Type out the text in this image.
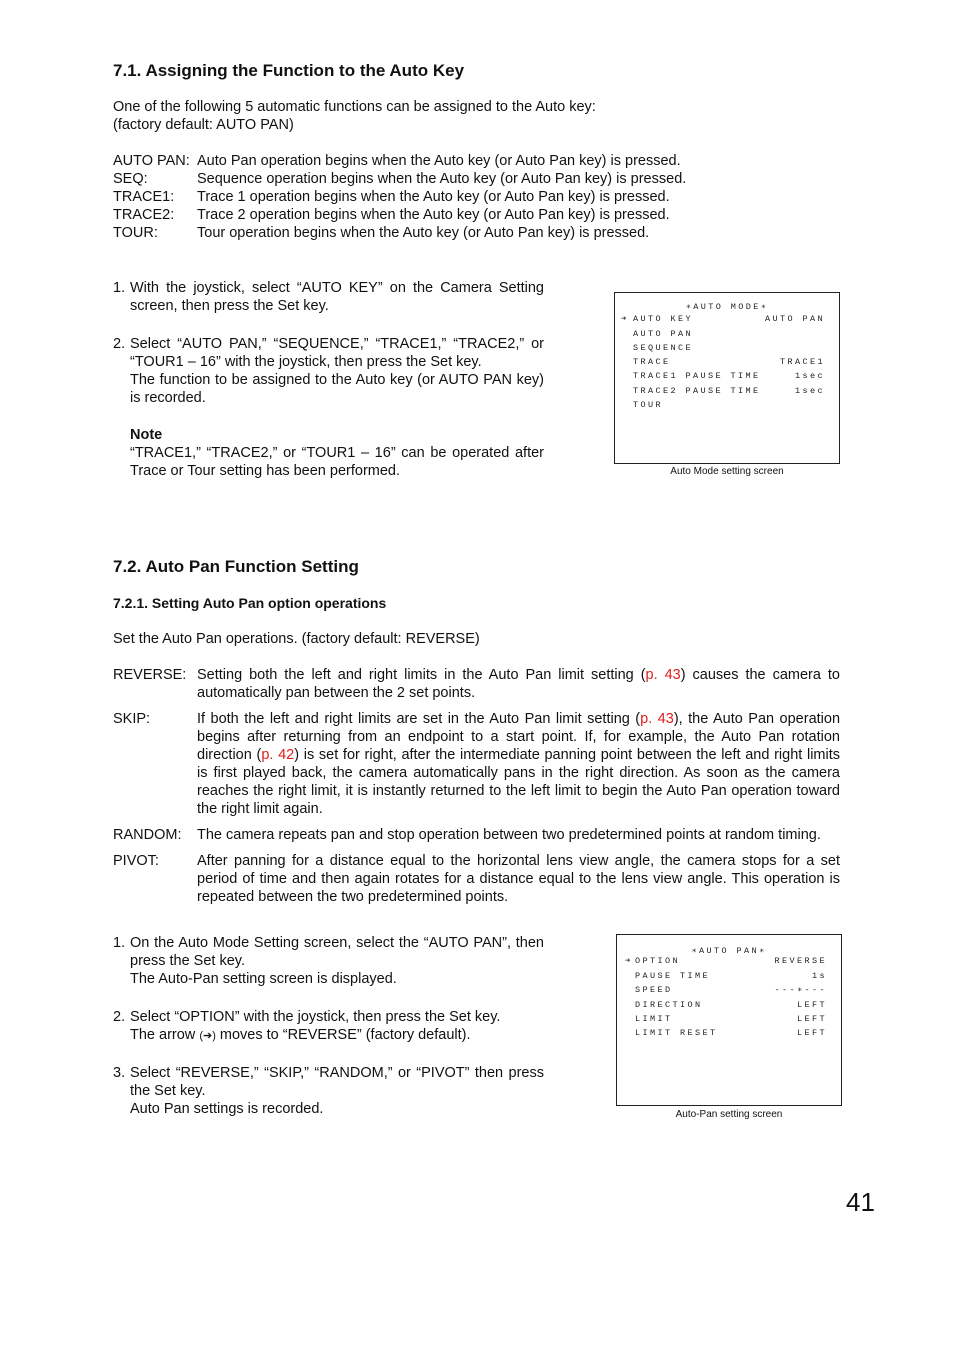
7.1. Assigning the Function to the Auto Key
One of the following 5 automatic functions can be assigned to the Auto key:
(factory default: AUTO PAN)
AUTO PAN: Auto Pan operation begins when the Auto key (or Auto Pan key) is pressed.
SEQ:	Sequence operation begins when the Auto key (or Auto Pan key) is pressed.
TRACE1: Trace 1 operation begins when the Auto key (or Auto Pan key) is pressed.
TRACE2: Trace 2 operation begins when the Auto key (or Auto Pan key) is pressed.
TOUR:	Tour operation begins when the Auto key (or Auto Pan key) is pressed.
1. With the joystick, select “AUTO KEY” on the Camera Setting screen, then press the Set key.
2. Select “AUTO PAN,” “SEQUENCE,” “TRACE1,” “TRACE2,” or “TOUR1 – 16” with the joystick, then press the Set key.
The function to be assigned to the Auto key (or AUTO PAN key) is recorded.
Note
“TRACE1,” “TRACE2,” or “TOUR1 – 16” can be operated after Trace or Tour setting has been performed.
∗AUTO MODE∗
➔ AUTO KEY	AUTO PAN
AUTO PAN
SEQUENCE
TRACE	TRACE1
TRACE1 PAUSE TIME	1sec
TRACE2 PAUSE TIME	1sec
TOUR
Auto Mode setting screen
7.2. Auto Pan Function Setting
7.2.1. Setting Auto Pan option operations
Set the Auto Pan operations. (factory default: REVERSE)
REVERSE: Setting both the left and right limits in the Auto Pan limit setting (p. 43) causes the camera to automatically pan between the 2 set points.
SKIP:	If both the left and right limits are set in the Auto Pan limit setting (p. 43), the Auto Pan operation begins after returning from an endpoint to a start point. If, for example, the Auto Pan rotation direction (p. 42) is set for right, after the intermediate panning point between the left and right limits is first played back, the camera automatically pans in the right direction. As soon as the camera reaches the right limit, it is instantly returned to the left limit to begin the Auto Pan operation toward the right limit again.
RANDOM: The camera repeats pan and stop operation between two predetermined points at random timing.
PIVOT:	After panning for a distance equal to the horizontal lens view angle, the camera stops for a set period of time and then again rotates for a distance equal to the lens view angle. This operation is repeated between the two predetermined points.
1. On the Auto Mode Setting screen, select the “AUTO PAN”, then press the Set key.
The Auto-Pan setting screen is displayed.
2. Select “OPTION” with the joystick, then press the Set key.
The arrow (➔) moves to “REVERSE” (factory default).
3. Select “REVERSE,” “SKIP,” “RANDOM,” or “PIVOT” then press the Set key.
Auto Pan settings is recorded.
∗AUTO PAN∗
➔ OPTION	REVERSE
PAUSE TIME	1s
SPEED	---∗---
DIRECTION	LEFT
LIMIT	LEFT
LIMIT RESET	LEFT
Auto-Pan setting screen
41
